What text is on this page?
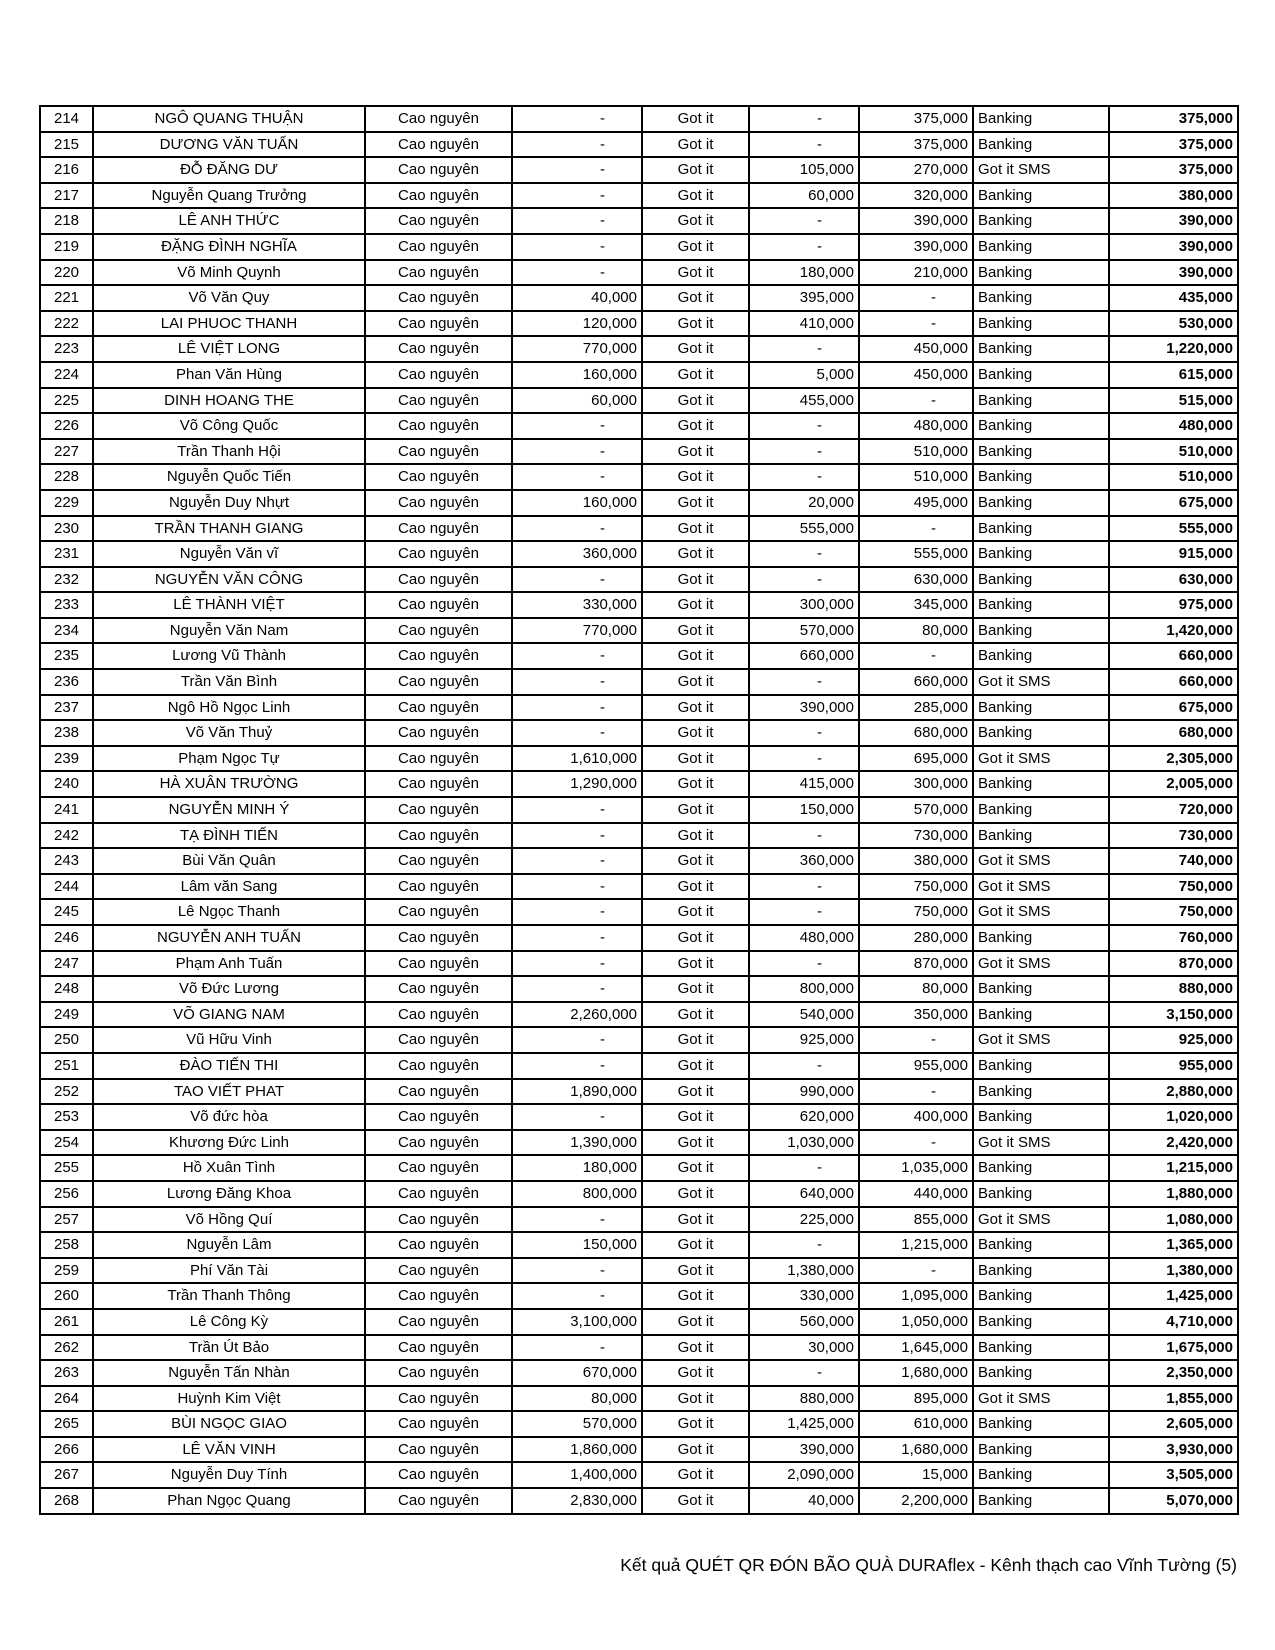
214	NGÔ QUANG THUẬN	Cao nguyên	-	Got it	-	375,000	Banking	375,000
215	DƯƠNG VĂN TUẤN	Cao nguyên	-	Got it	-	375,000	Banking	375,000
216	ĐỖ ĐĂNG DƯ	Cao nguyên	-	Got it	105,000	270,000	Got it SMS	375,000
217	Nguyễn Quang Trưởng	Cao nguyên	-	Got it	60,000	320,000	Banking	380,000
218	LÊ ANH THỨC	Cao nguyên	-	Got it	-	390,000	Banking	390,000
219	ĐẶNG ĐÌNH NGHĨA	Cao nguyên	-	Got it	-	390,000	Banking	390,000
220	Võ Minh Quynh	Cao nguyên	-	Got it	180,000	210,000	Banking	390,000
221	Võ Văn Quy	Cao nguyên	40,000	Got it	395,000	-	Banking	435,000
222	LAI PHUOC THANH	Cao nguyên	120,000	Got it	410,000	-	Banking	530,000
223	LÊ VIỆT LONG	Cao nguyên	770,000	Got it	-	450,000	Banking	1,220,000
224	Phan Văn Hùng	Cao nguyên	160,000	Got it	5,000	450,000	Banking	615,000
225	DINH HOANG THE	Cao nguyên	60,000	Got it	455,000	-	Banking	515,000
226	Võ Công Quốc	Cao nguyên	-	Got it	-	480,000	Banking	480,000
227	Trần Thanh Hội	Cao nguyên	-	Got it	-	510,000	Banking	510,000
228	Nguyễn Quốc Tiến	Cao nguyên	-	Got it	-	510,000	Banking	510,000
229	Nguyễn Duy Nhựt	Cao nguyên	160,000	Got it	20,000	495,000	Banking	675,000
230	TRẦN THANH GIANG	Cao nguyên	-	Got it	555,000	-	Banking	555,000
231	Nguyễn Văn vĩ	Cao nguyên	360,000	Got it	-	555,000	Banking	915,000
232	NGUYỄN VĂN CÔNG	Cao nguyên	-	Got it	-	630,000	Banking	630,000
233	LÊ THÀNH VIỆT	Cao nguyên	330,000	Got it	300,000	345,000	Banking	975,000
234	Nguyễn Văn Nam	Cao nguyên	770,000	Got it	570,000	80,000	Banking	1,420,000
235	Lương Vũ Thành	Cao nguyên	-	Got it	660,000	-	Banking	660,000
236	Trần Văn Bình	Cao nguyên	-	Got it	-	660,000	Got it SMS	660,000
237	Ngô Hồ Ngọc Linh	Cao nguyên	-	Got it	390,000	285,000	Banking	675,000
238	Võ Văn Thuỷ	Cao nguyên	-	Got it	-	680,000	Banking	680,000
239	Phạm Ngọc Tự	Cao nguyên	1,610,000	Got it	-	695,000	Got it SMS	2,305,000
240	HÀ XUÂN TRƯỜNG	Cao nguyên	1,290,000	Got it	415,000	300,000	Banking	2,005,000
241	NGUYỄN MINH Ý	Cao nguyên	-	Got it	150,000	570,000	Banking	720,000
242	TẠ ĐÌNH TIẾN	Cao nguyên	-	Got it	-	730,000	Banking	730,000
243	Bùi Văn Quân	Cao nguyên	-	Got it	360,000	380,000	Got it SMS	740,000
244	Lâm văn Sang	Cao nguyên	-	Got it	-	750,000	Got it SMS	750,000
245	Lê Ngọc Thanh	Cao nguyên	-	Got it	-	750,000	Got it SMS	750,000
246	NGUYỄN ANH TUẤN	Cao nguyên	-	Got it	480,000	280,000	Banking	760,000
247	Phạm Anh Tuấn	Cao nguyên	-	Got it	-	870,000	Got it SMS	870,000
248	Võ Đức Lương	Cao nguyên	-	Got it	800,000	80,000	Banking	880,000
249	VÕ GIANG NAM	Cao nguyên	2,260,000	Got it	540,000	350,000	Banking	3,150,000
250	Vũ Hữu Vinh	Cao nguyên	-	Got it	925,000	-	Got it SMS	925,000
251	ĐÀO TIẾN THI	Cao nguyên	-	Got it	-	955,000	Banking	955,000
252	TAO VIẾT PHAT	Cao nguyên	1,890,000	Got it	990,000	-	Banking	2,880,000
253	Võ đức hòa	Cao nguyên	-	Got it	620,000	400,000	Banking	1,020,000
254	Khương Đức Linh	Cao nguyên	1,390,000	Got it	1,030,000	-	Got it SMS	2,420,000
255	Hồ Xuân Tình	Cao nguyên	180,000	Got it	-	1,035,000	Banking	1,215,000
256	Lương Đăng Khoa	Cao nguyên	800,000	Got it	640,000	440,000	Banking	1,880,000
257	Võ Hồng Quí	Cao nguyên	-	Got it	225,000	855,000	Got it SMS	1,080,000
258	Nguyễn Lâm	Cao nguyên	150,000	Got it	-	1,215,000	Banking	1,365,000
259	Phí Văn Tài	Cao nguyên	-	Got it	1,380,000	-	Banking	1,380,000
260	Trần Thanh Thông	Cao nguyên	-	Got it	330,000	1,095,000	Banking	1,425,000
261	Lê Công Kỳ	Cao nguyên	3,100,000	Got it	560,000	1,050,000	Banking	4,710,000
262	Trần Út Bảo	Cao nguyên	-	Got it	30,000	1,645,000	Banking	1,675,000
263	Nguyễn Tấn Nhàn	Cao nguyên	670,000	Got it	-	1,680,000	Banking	2,350,000
264	Huỳnh Kim Việt	Cao nguyên	80,000	Got it	880,000	895,000	Got it SMS	1,855,000
265	BÙI NGỌC GIAO	Cao nguyên	570,000	Got it	1,425,000	610,000	Banking	2,605,000
266	LÊ VĂN VINH	Cao nguyên	1,860,000	Got it	390,000	1,680,000	Banking	3,930,000
267	Nguyễn Duy Tính	Cao nguyên	1,400,000	Got it	2,090,000	15,000	Banking	3,505,000
268	Phan Ngọc Quang	Cao nguyên	2,830,000	Got it	40,000	2,200,000	Banking	5,070,000
Kết quả QUÉT QR ĐÓN BÃO QUÀ DURAflex - Kênh thạch cao Vĩnh Tường (5)
